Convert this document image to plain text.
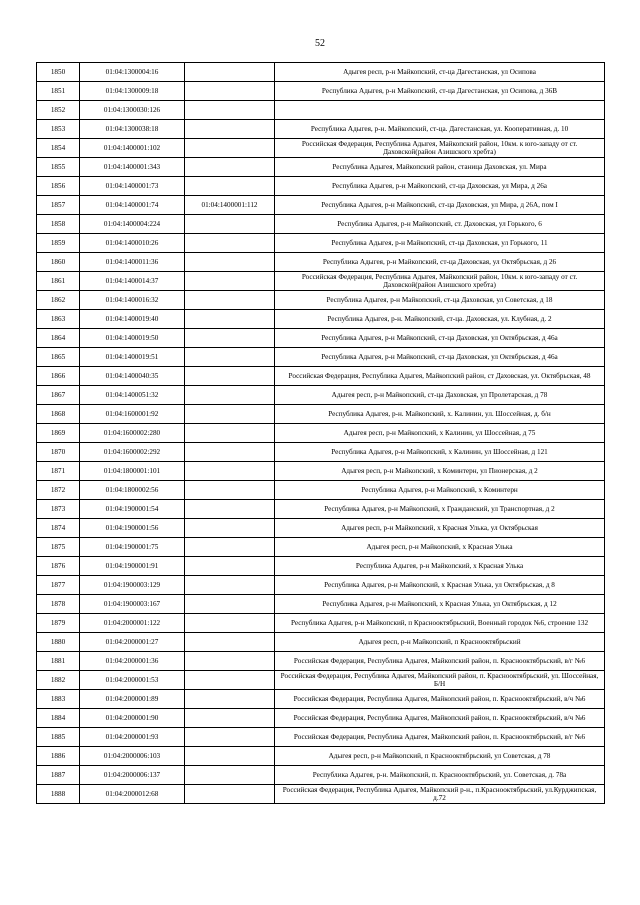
52
1850	01:04:1300004:16		Адыгея респ, р-н Майкопский, ст-ца Дагестанская, ул Осипова
1851	01:04:1300009:18		Республика Адыгея, р-н Майкопский, ст-ца Дагестанская, ул Осипова, д 36В
1852	01:04:1300030:126		
1853	01:04:1300038:18		Республика Адыгея, р-н. Майкопский, ст-ца. Дагестанская, ул. Кооперативная, д. 10
1854	01:04:1400001:102		Российская Федерация, Республика Адыгея, Майкопский район, 10км. к юго-западу от ст. Даховской(район Азишского хребта)
1855	01:04:1400001:343		Республика Адыгея, Майкопский район, станица Даховская, ул. Мира
1856	01:04:1400001:73		Республика Адыгея, р-н Майкопский, ст-ца Даховская, ул Мира, д 26а
1857	01:04:1400001:74	01:04:1400001:112	Республика Адыгея, р-н Майкопский, ст-ца Даховская, ул Мира, д 26А, пом I
1858	01:04:1400004:224		Республика Адыгея, р-н Майкопский, ст. Даховская, ул Горького, 6
1859	01:04:1400010:26		Республика Адыгея, р-н Майкопский, ст-ца Даховская, ул Горького, 11
1860	01:04:1400011:36		Республика Адыгея, р-н Майкопский, ст-ца Даховская, ул Октябрьская, д 26
1861	01:04:1400014:37		Российская Федерация, Республика Адыгея, Майкопский район, 10км. к юго-западу от ст. Даховской(район Азишского хребта)
1862	01:04:1400016:32		Республика Адыгея, р-н Майкопский, ст-ца Даховская, ул Советская, д 18
1863	01:04:1400019:40		Республика Адыгея, р-н. Майкопский, ст-ца. Даховская, ул. Клубная, д. 2
1864	01:04:1400019:50		Республика Адыгея, р-н Майкопский, ст-ца Даховская, ул Октябрьская, д 46а
1865	01:04:1400019:51		Республика Адыгея, р-н Майкопский, ст-ца Даховская, ул Октябрьская, д 46а
1866	01:04:1400040:35		Российская Федерация, Республика Адыгея, Майкопский район, ст Даховская, ул. Октябрьская, 48
1867	01:04:1400051:32		Адыгея респ, р-н Майкопский, ст-ца Даховская, ул Пролетарская, д 78
1868	01:04:1600001:92		Республика Адыгея, р-н. Майкопский, х. Калинин, ул. Шоссейная, д. б/н
1869	01:04:1600002:280		Адыгея респ, р-н Майкопский, х Калинин, ул Шоссейная, д 75
1870	01:04:1600002:292		Республика Адыгея, р-н Майкопский, х Калинин, ул Шоссейная, д 121
1871	01:04:1800001:101		Адыгея респ, р-н Майкопский, х Коминтерн, ул Пионерская, д 2
1872	01:04:1800002:56		Республика Адыгея, р-н Майкопский, х Коминтерн
1873	01:04:1900001:54		Республика Адыгея, р-н Майкопский, х Гражданский, ул Транспортная, д 2
1874	01:04:1900001:56		Адыгея респ, р-н Майкопский, х Красная Улька, ул Октябрьская
1875	01:04:1900001:75		Адыгея респ, р-н Майкопский, х Красная Улька
1876	01:04:1900001:91		Республика Адыгея, р-н Майкопский, х Красная Улька
1877	01:04:1900003:129		Республика Адыгея, р-н Майкопский, х Красная Улька, ул Октябрьская, д 8
1878	01:04:1900003:167		Республика Адыгея, р-н Майкопский, х Красная Улька, ул Октябрьская, д 12
1879	01:04:2000001:122		Республика Адыгея, р-н Майкопский, п Краснооктябрьский, Военный городок №6, строение 132
1880	01:04:2000001:27		Адыгея респ, р-н Майкопский, п Краснооктябрьский
1881	01:04:2000001:36		Российская Федерация, Республика Адыгея, Майкопский район, п. Краснооктябрьский, в/г №6
1882	01:04:2000001:53		Российская Федерация, Республика Адыгея, Майкопский район, п. Краснооктябрьский, ул. Шоссейная, Б/Н
1883	01:04:2000001:89		Российская Федерация, Республика Адыгея, Майкопский район, п. Краснооктябрьский, в/ч №6
1884	01:04:2000001:90		Российская Федерация, Республика Адыгея, Майкопский район, п. Краснооктябрьский, в/ч №6
1885	01:04:2000001:93		Российская Федерация, Республика Адыгея, Майкопский район, п. Краснооктябрьский, в/г №6
1886	01:04:2000006:103		Адыгея респ, р-н Майкопский, п Краснооктябрьский, ул Советская, д 78
1887	01:04:2000006:137		Республика Адыгея, р-н. Майкопский, п. Краснооктябрьский, ул. Советская, д. 78а
1888	01:04:2000012:68		Российская Федерация, Республика Адыгея, Майкопский р-н., п.Краснооктябрьский, ул.Курджипская, д.72
